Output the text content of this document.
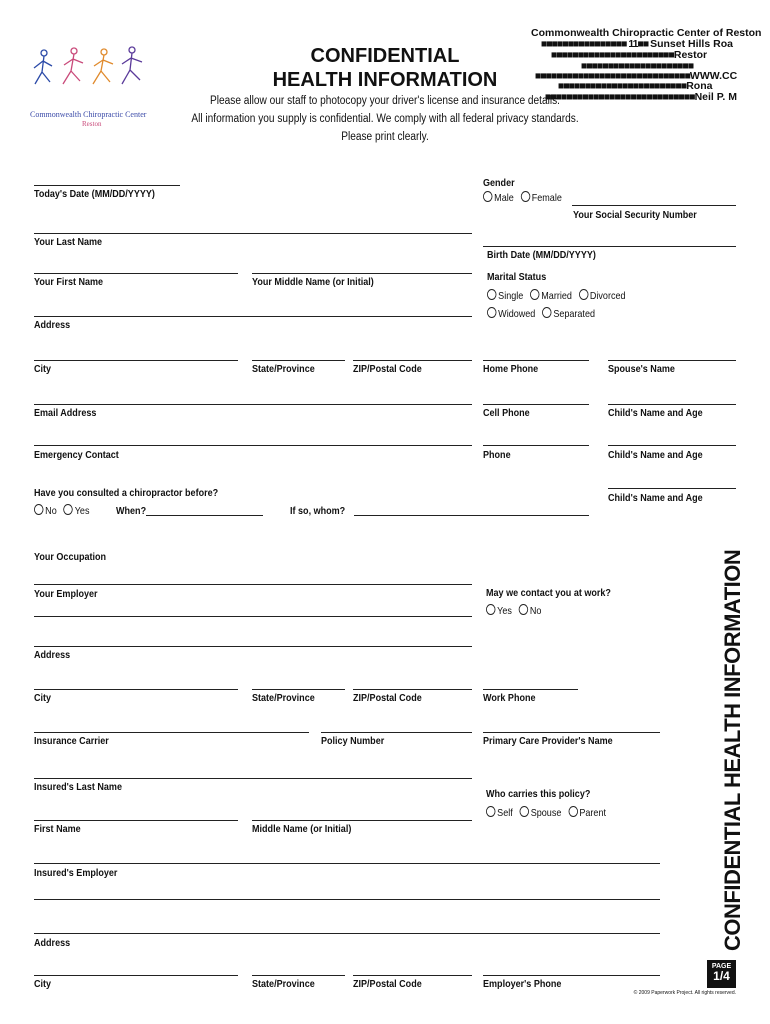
Commonwealth Chiropractic Center
Reston
CONFIDENTIAL
HEALTH INFORMATION
Commonwealth Chiropractic Center of Reston
■■■■■■■■■■■■■■■■ 11■■ Sunset Hills Roa
■■■■■■■■■■■■■■■■■■■■■■■Restor
■■■■■■■■■■■■■■■■■■■■■
■■■■■■■■■■■■■■■■■■■■■■■■■■■■■WWW.CC
■■■■■■■■■■■■■■■■■■■■■■■■Rona
■■■■■■■■■■■■■■■■■■■■■■■■■■■■Neil P. M
Please allow our staff to photocopy your driver's license and insurance details.
All information you supply is confidential. We comply with all federal privacy standards.
Please print clearly.
Today's Date (MM/DD/YYYY)
Gender
Male Female
Your Social Security Number
Your Last Name
Birth Date (MM/DD/YYYY)
Your First Name	Your Middle Name (or Initial)	Marital Status
Single Married Divorced
Widowed Separated
Address
City	State/Province	ZIP/Postal Code	Home Phone	Spouse's Name
Email Address	Cell Phone	Child's Name and Age
Emergency Contact	Phone	Child's Name and Age
Have you consulted a chiropractor before?
No Yes	When?	If so, whom?
Child's Name and Age
Your Occupation
Your Employer	May we contact you at work?
Yes No
Address
City	State/Province	ZIP/Postal Code	Work Phone
Insurance Carrier	Policy Number	Primary Care Provider's Name
Insured's Last Name
Who carries this policy?
Self Spouse Parent
First Name	Middle Name (or Initial)
Insured's Employer
Address
City	State/Province	ZIP/Postal Code	Employer's Phone
CONFIDENTIAL HEALTH INFORMATION
PAGE
1/4
© 2009 Paperwork Project. All rights reserved.
